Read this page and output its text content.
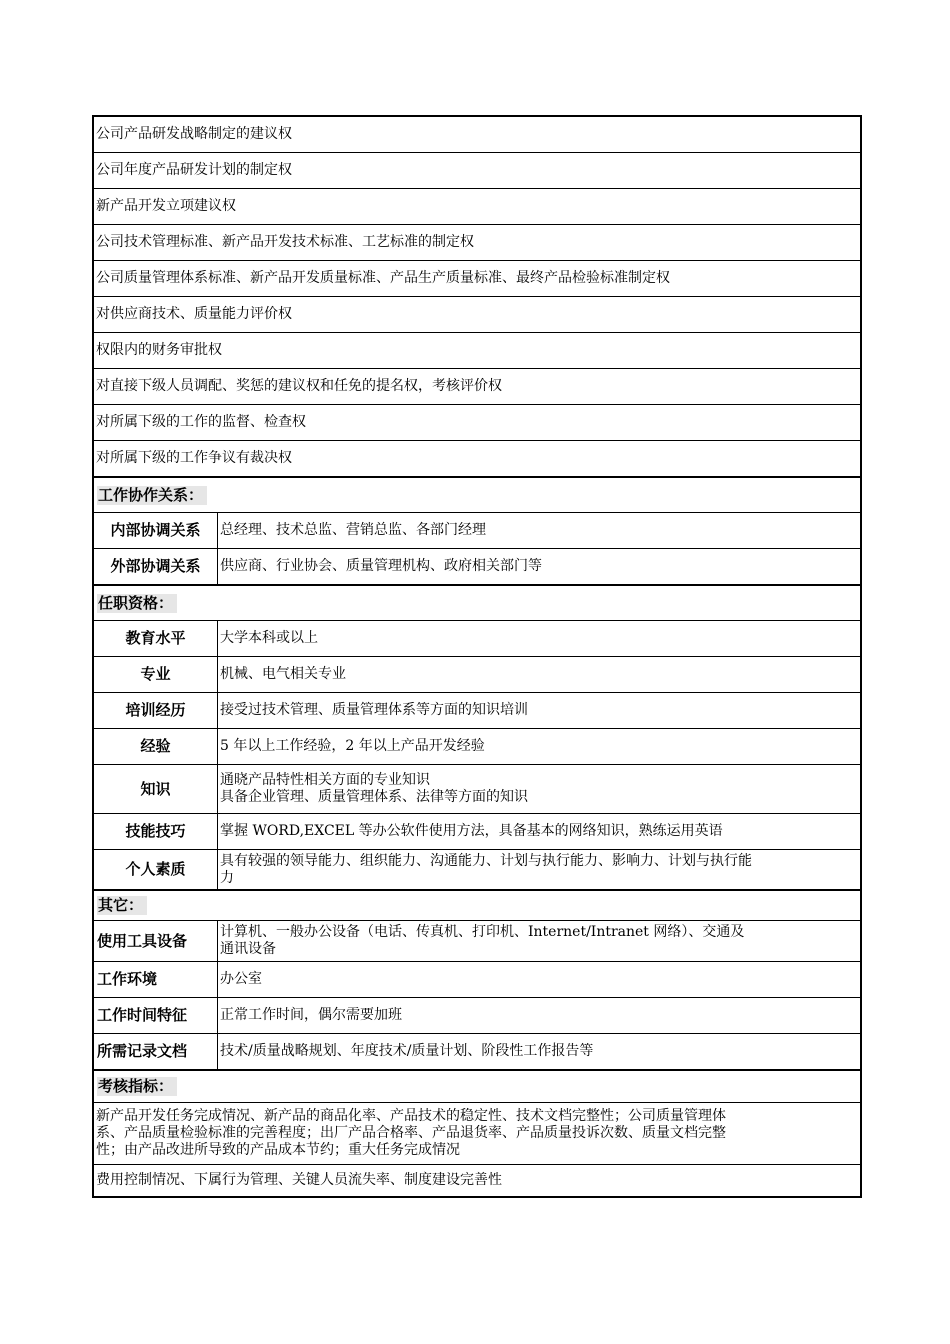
公司产品研发战略制定的建议权
公司年度产品研发计划的制定权
新产品开发立项建议权
公司技术管理标准、新产品开发技术标准、工艺标准的制定权
公司质量管理体系标准、新产品开发质量标准、产品生产质量标准、最终产品检验标准制定权
对供应商技术、质量能力评价权
权限内的财务审批权
对直接下级人员调配、奖惩的建议权和任免的提名权，考核评价权
对所属下级的工作的监督、检查权
对所属下级的工作争议有裁决权
工作协作关系：
内部协调关系	总经理、技术总监、营销总监、各部门经理
外部协调关系	供应商、行业协会、质量管理机构、政府相关部门等
任职资格：
教育水平	大学本科或以上
专业	机械、电气相关专业
培训经历	接受过技术管理、质量管理体系等方面的知识培训
经验	5 年以上工作经验，2 年以上产品开发经验
知识	通晓产品特性相关方面的专业知识
具备企业管理、质量管理体系、法律等方面的知识
技能技巧	掌握 WORD,EXCEL 等办公软件使用方法，具备基本的网络知识，熟练运用英语
个人素质	具有较强的领导能力、组织能力、沟通能力、计划与执行能力、影响力、计划与执行能
力
其它：
使用工具设备	计算机、一般办公设备（电话、传真机、打印机、Internet/Intranet 网络）、交通及
通讯设备
工作环境	办公室
工作时间特征	正常工作时间，偶尔需要加班
所需记录文档	技术/质量战略规划、年度技术/质量计划、阶段性工作报告等
考核指标：
新产品开发任务完成情况、新产品的商品化率、产品技术的稳定性、技术文档完整性；公司质量管理体
系、产品质量检验标准的完善程度；出厂产品合格率、产品退货率、产品质量投诉次数、质量文档完整
性；由产品改进所导致的产品成本节约；重大任务完成情况
费用控制情况、下属行为管理、关键人员流失率、制度建设完善性
